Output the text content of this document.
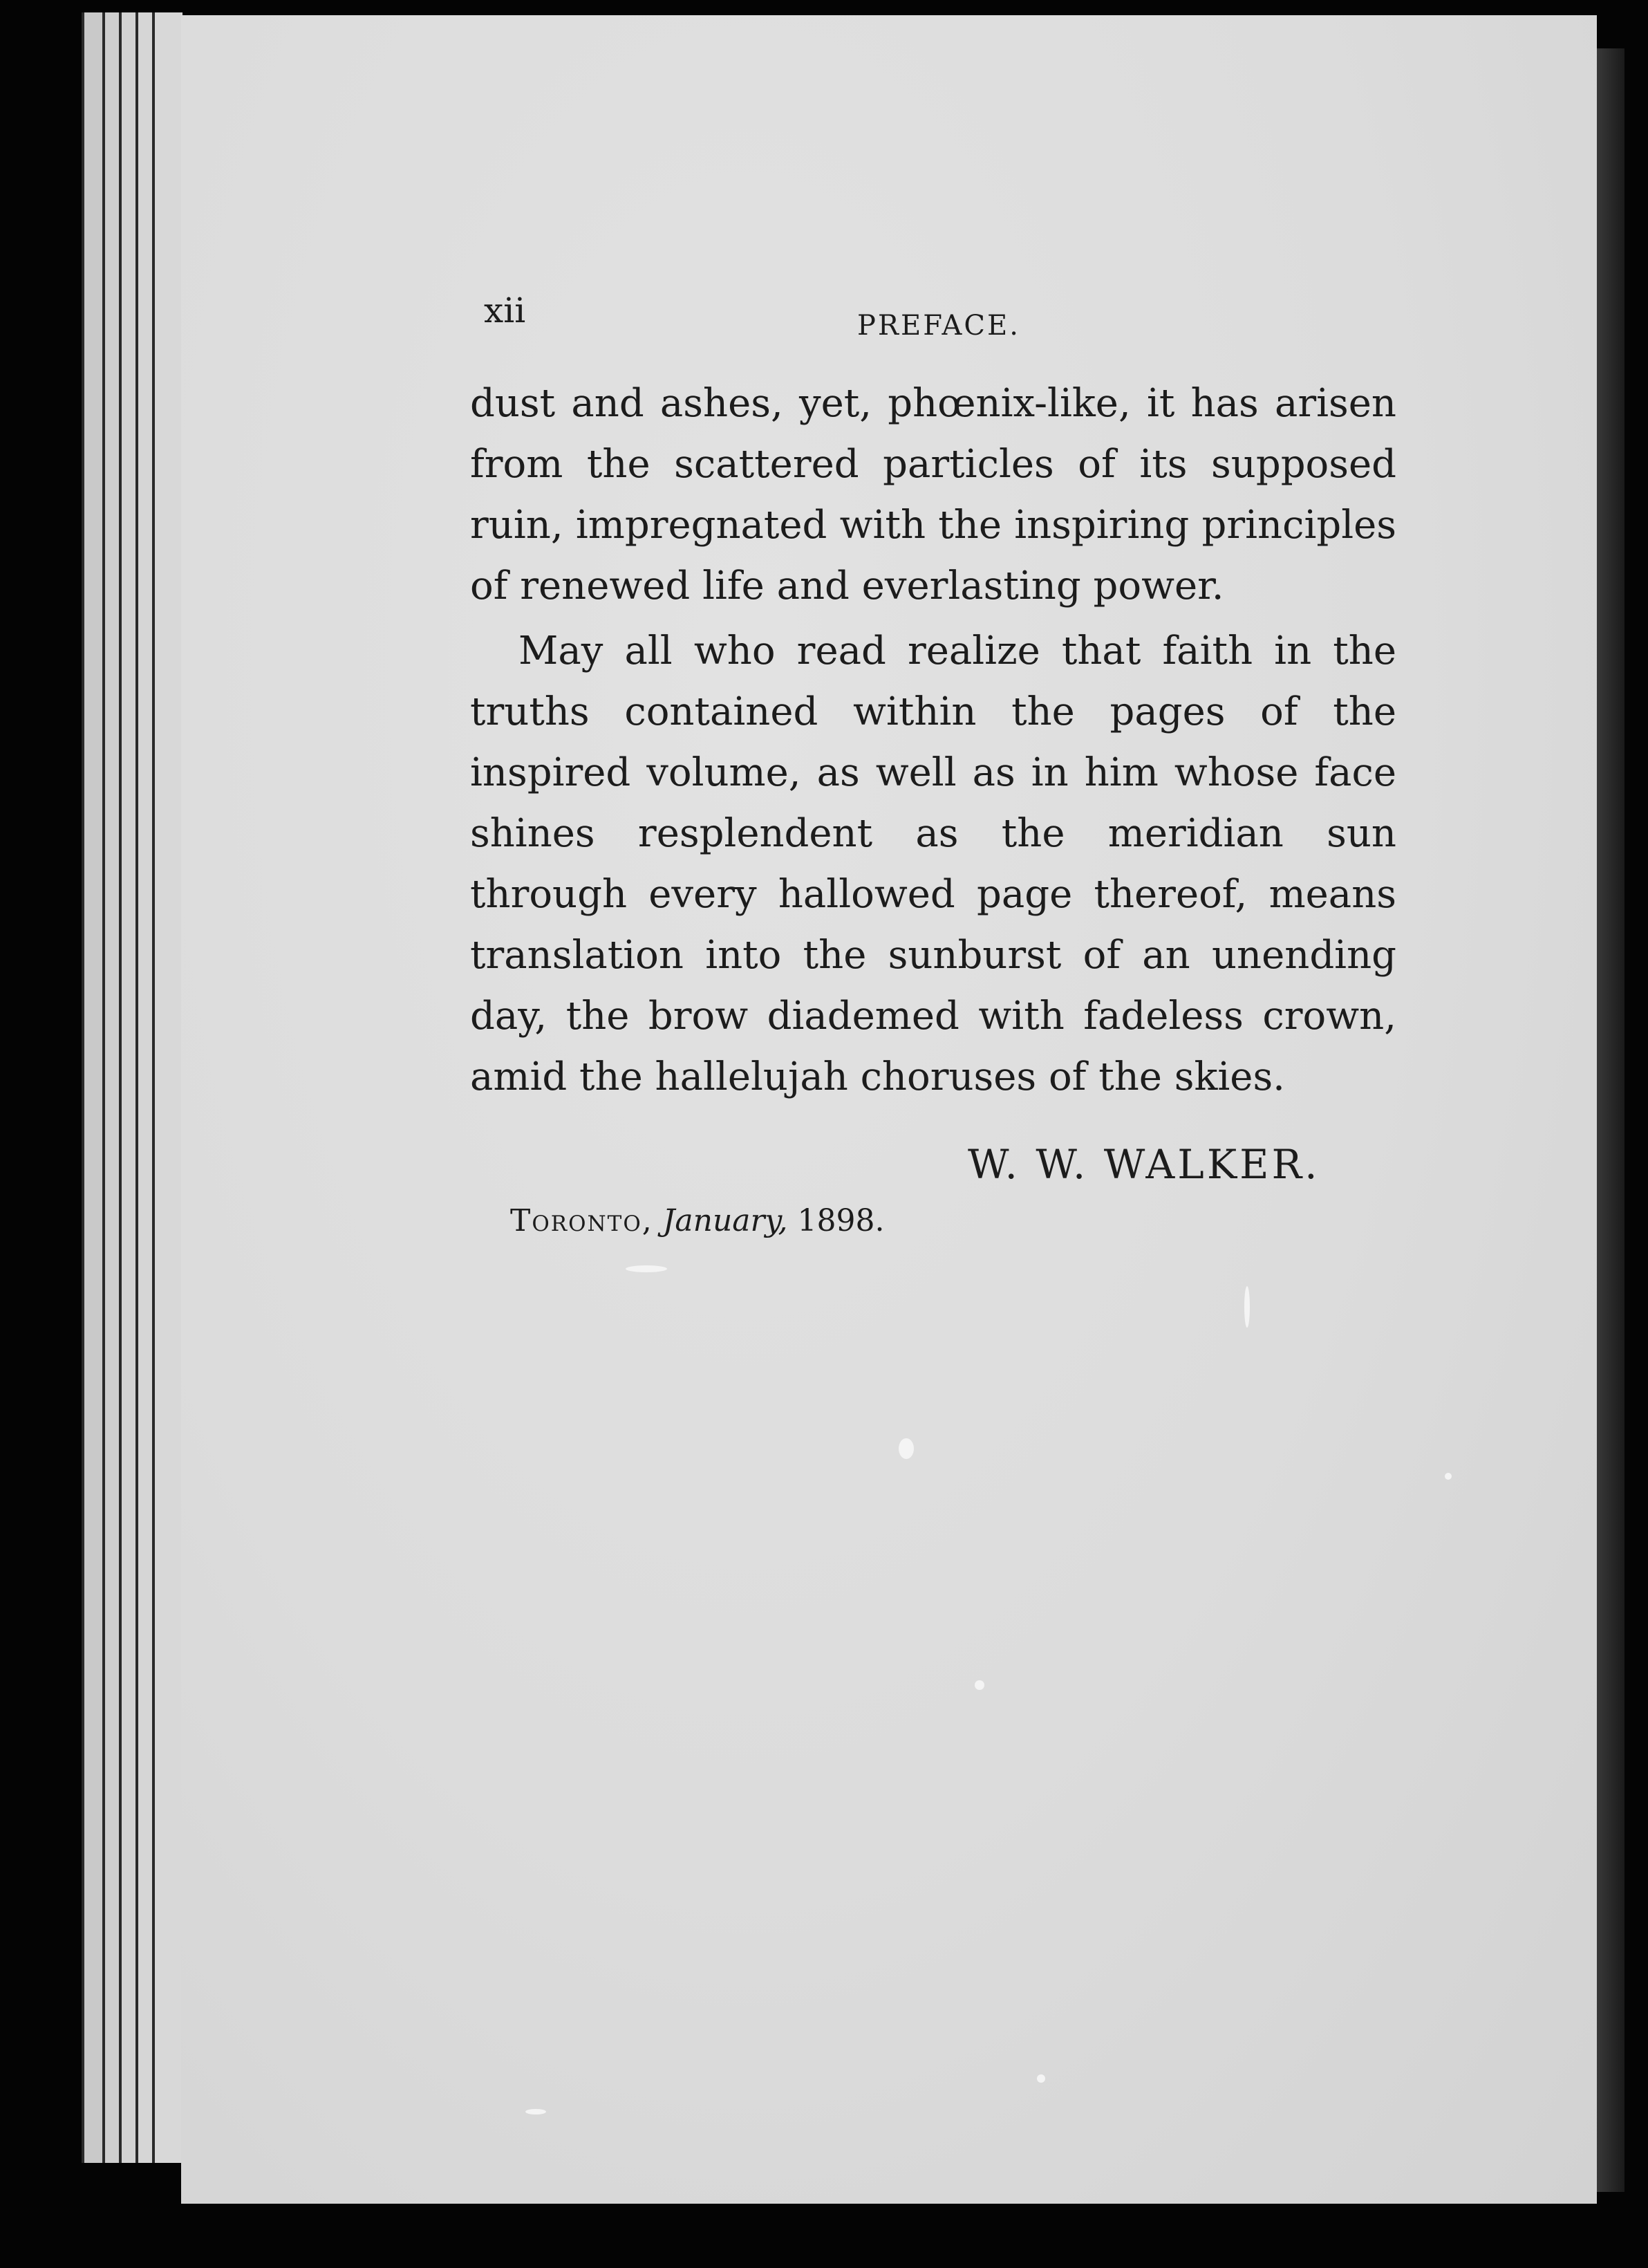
xii	PREFACE.

dust and ashes, yet, phœnix-like, it has arisen from the scattered particles of its supposed ruin, impregnated with the inspiring principles of renewed life and everlasting power.

May all who read realize that faith in the truths contained within the pages of the inspired volume, as well as in him whose face shines resplendent as the meridian sun through every hallowed page thereof, means translation into the sunburst of an unending day, the brow diademed with fadeless crown, amid the hallelujah choruses of the skies.

W. W. WALKER.
Toronto, January, 1898.
